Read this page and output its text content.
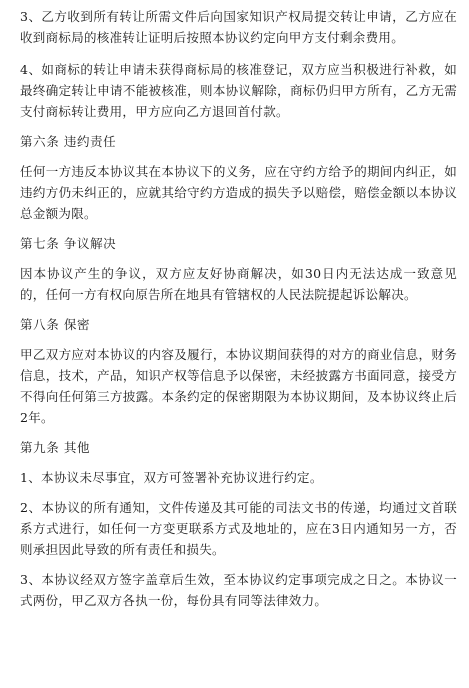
3、乙方收到所有转让所需文件后向国家知识产权局提交转让申请，乙方应在收到商标局的核准转让证明后按照本协议约定向甲方支付剩余费用。

4、如商标的转让申请未获得商标局的核准登记，双方应当积极进行补救，如最终确定转让申请不能被核准，则本协议解除，商标仍归甲方所有，乙方无需支付商标转让费用，甲方应向乙方退回首付款。

第六条 违约责任

任何一方违反本协议其在本协议下的义务，应在守约方给予的期间内纠正，如违约方仍未纠正的，应就其给守约方造成的损失予以赔偿，赔偿金额以本协议总金额为限。

第七条 争议解决

因本协议产生的争议，双方应友好协商解决，如30日内无法达成一致意见的，任何一方有权向原告所在地具有管辖权的人民法院提起诉讼解决。

第八条 保密

甲乙双方应对本协议的内容及履行，本协议期间获得的对方的商业信息，财务信息，技术，产品，知识产权等信息予以保密，未经披露方书面同意，接受方不得向任何第三方披露。本条约定的保密期限为本协议期间，及本协议终止后2年。

第九条 其他

1、本协议未尽事宜，双方可签署补充协议进行约定。

2、本协议的所有通知，文件传递及其可能的司法文书的传递，均通过文首联系方式进行，如任何一方变更联系方式及地址的，应在3日内通知另一方，否则承担因此导致的所有责任和损失。

3、本协议经双方签字盖章后生效，至本协议约定事项完成之日之。本协议一式两份，甲乙双方各执一份，每份具有同等法律效力。
